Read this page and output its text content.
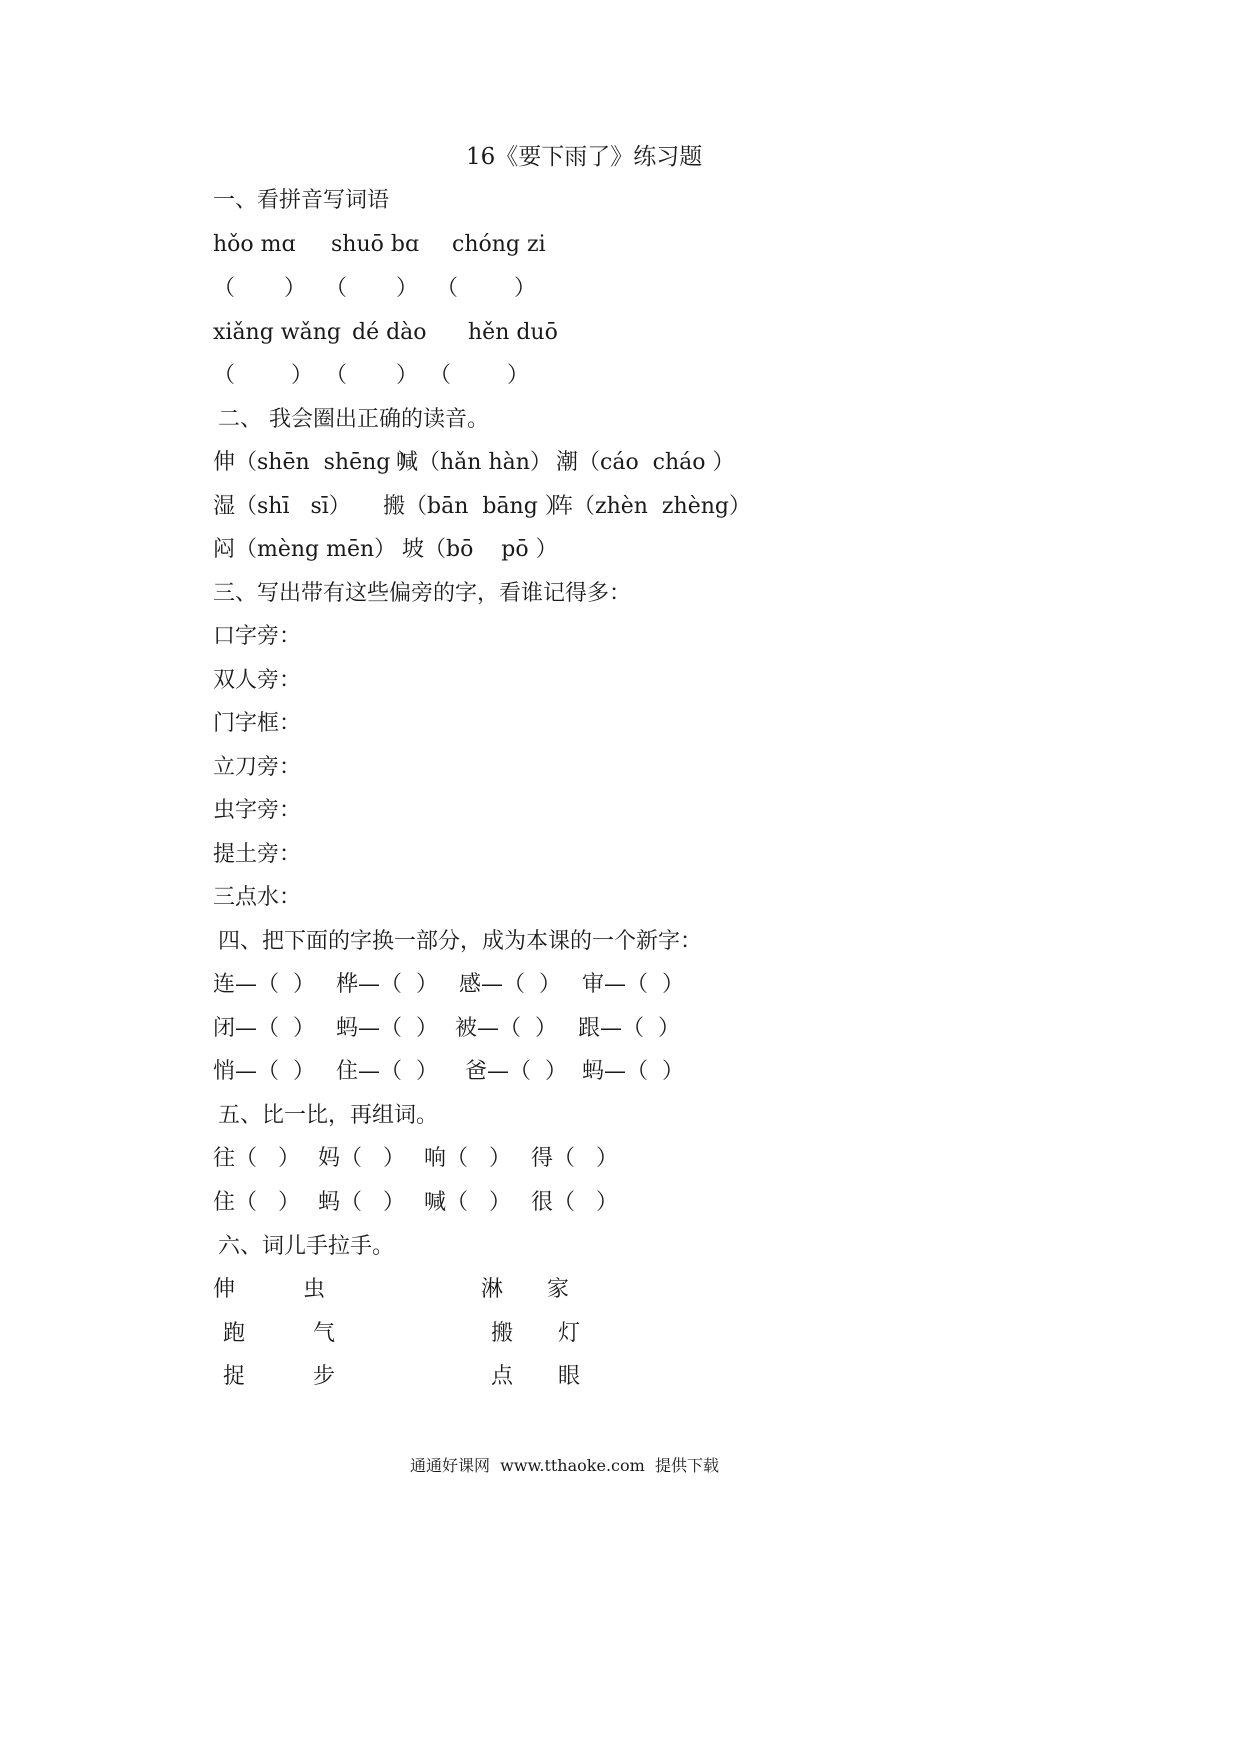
16《要下雨了》练习题
一、看拼音写词语
hǒo mɑ shuō bɑ chóng zi
（       ） （       ） （        ）
xiǎng wǎng dé dào hěn duō
（        ） （       ） （        ）
二、 我会圈出正确的读音。
伸（shēn  shēng ）
喊（hǎn hàn） 潮（cáo  cháo ）
湿（shī   sī） 搬（bān  bāng ）
阵（zhèn  zhèng）
闷（mèng mēn） 坡（bō    pō ）
三、写出带有这些偏旁的字，看谁记得多：
口字旁：
双人旁：
门字框：
立刀旁：
虫字旁：
提土旁：
三点水：
四、把下面的字换一部分，成为本课的一个新字：
连—（  ） 桦—（  ） 感—（  ） 审—（  ）
闭—（  ） 蚂—（  ） 被—（  ） 跟—（  ）
悄—（  ） 住—（  ） 爸—（  ） 蚂—（  ）
五、比一比，再组词。
往（   ） 妈（   ） 响（   ） 得（   ）
住（   ） 蚂（   ） 喊（   ） 很（   ）
六、词儿手拉手。
伸	虫	淋 家
跑	气	搬 灯
捉	步	点 眼
通通好课网  www.tthaoke.com  提供下载
